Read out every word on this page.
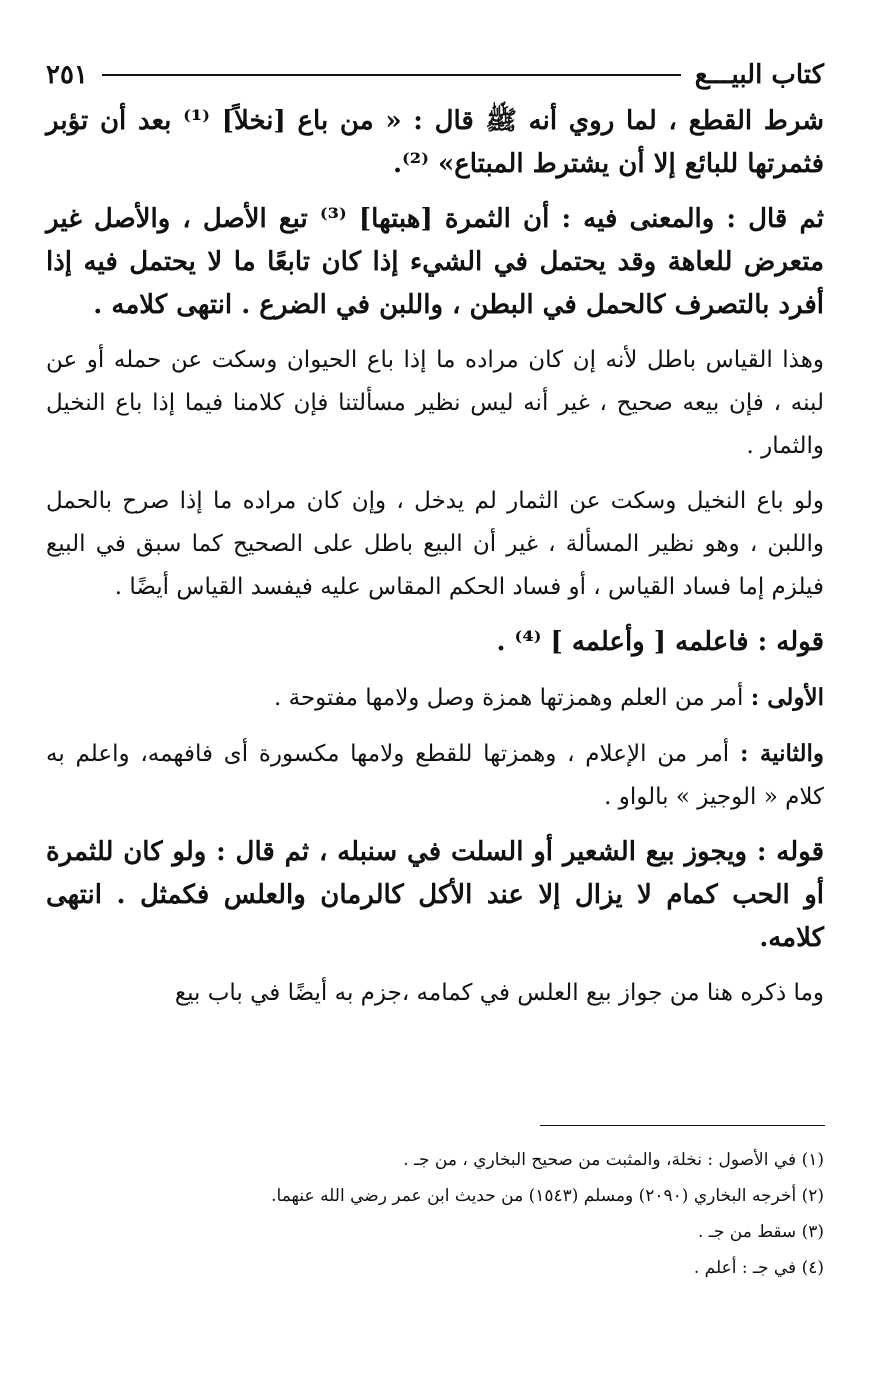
كتاب البيـــع
٢٥١

شرط القطع ، لما روي أنه ﷺ قال : « من باع [نخلاً] ⁽¹⁾ بعد أن تؤبر فثمرتها للبائع إلا أن يشترط المبتاع» ⁽²⁾.

ثم قال : والمعنى فيه : أن الثمرة [هبتها] ⁽³⁾ تبع الأصل ، والأصل غير متعرض للعاهة وقد يحتمل في الشيء إذا كان تابعًا ما لا يحتمل فيه إذا أفرد بالتصرف كالحمل في البطن ، واللبن في الضرع . انتهى كلامه .

وهذا القياس باطل لأنه إن كان مراده ما إذا باع الحيوان وسكت عن حمله أو عن لبنه ، فإن بيعه صحيح ، غير أنه ليس نظير مسألتنا فإن كلامنا فيما إذا باع النخيل والثمار .

ولو باع النخيل وسكت عن الثمار لم يدخل ، وإن كان مراده ما إذا صرح بالحمل واللبن ، وهو نظير المسألة ، غير أن البيع باطل على الصحيح كما سبق في البيع فيلزم إما فساد القياس ، أو فساد الحكم المقاس عليه فيفسد القياس أيضًا .

قوله : فاعلمه [ وأعلمه ] ⁽⁴⁾ .

الأولى : أمر من العلم وهمزتها همزة وصل ولامها مفتوحة .

والثانية : أمر من الإعلام ، وهمزتها للقطع ولامها مكسورة أى فافهمه، واعلم به كلام « الوجيز » بالواو .

قوله : ويجوز بيع الشعير أو السلت في سنبله ، ثم قال : ولو كان للثمرة أو الحب كمام لا يزال إلا عند الأكل كالرمان والعلس فكمثل . انتهى كلامه.

وما ذكره هنا من جواز بيع العلس في كمامه ،جزم به أيضًا في باب بيع

(١) في الأصول : نخلة، والمثبت من صحيح البخاري ، من جـ .

(٢) أخرجه البخاري (٢٠٩٠) ومسلم (١٥٤٣) من حديث ابن عمر رضي الله عنهما.

(٣) سقط من جـ .

(٤) في جـ : أعلم .
